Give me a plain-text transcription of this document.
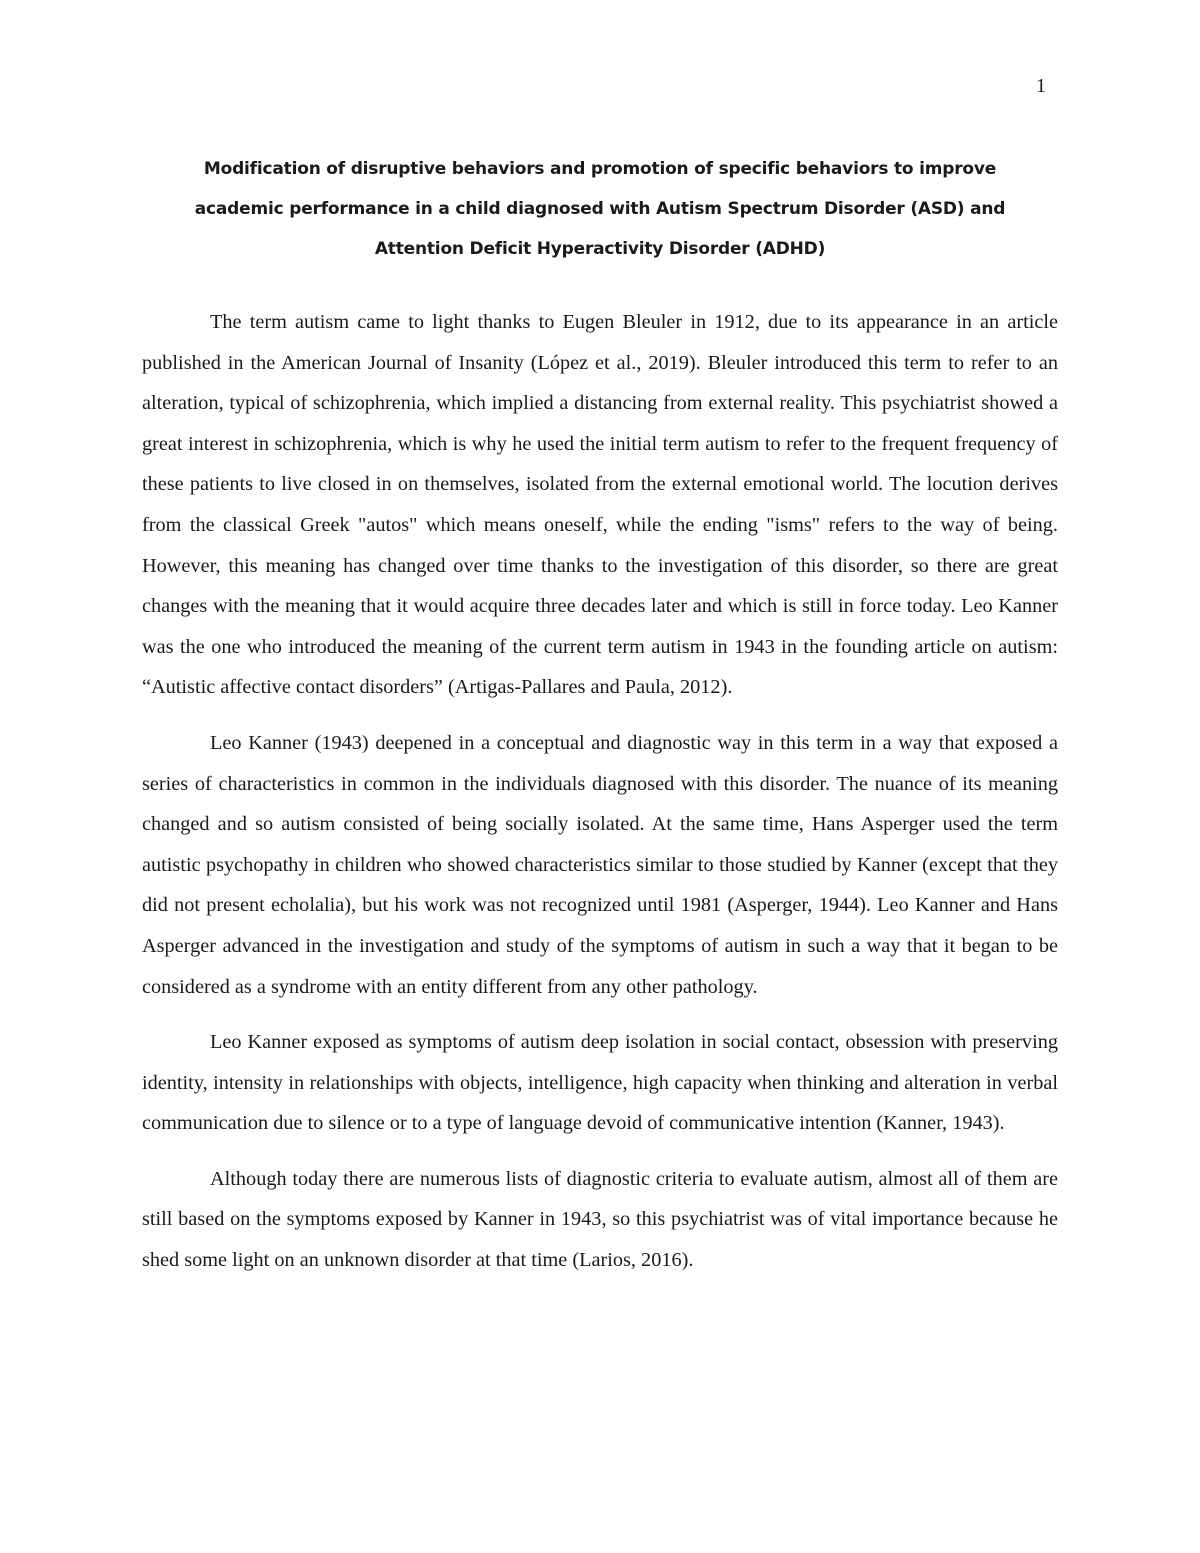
1
Modification of disruptive behaviors and promotion of specific behaviors to improve
academic performance in a child diagnosed with Autism Spectrum Disorder (ASD) and
Attention Deficit Hyperactivity Disorder (ADHD)

The term autism came to light thanks to Eugen Bleuler in 1912, due to its appearance in an article published in the American Journal of Insanity (López et al., 2019). Bleuler introduced this term to refer to an alteration, typical of schizophrenia, which implied a distancing from external reality. This psychiatrist showed a great interest in schizophrenia, which is why he used the initial term autism to refer to the frequent frequency of these patients to live closed in on themselves, isolated from the external emotional world. The locution derives from the classical Greek "autos" which means oneself, while the ending "isms" refers to the way of being. However, this meaning has changed over time thanks to the investigation of this disorder, so there are great changes with the meaning that it would acquire three decades later and which is still in force today. Leo Kanner was the one who introduced the meaning of the current term autism in 1943 in the founding article on autism: “Autistic affective contact disorders” (Artigas-Pallares and Paula, 2012).

Leo Kanner (1943) deepened in a conceptual and diagnostic way in this term in a way that exposed a series of characteristics in common in the individuals diagnosed with this disorder. The nuance of its meaning changed and so autism consisted of being socially isolated. At the same time, Hans Asperger used the term autistic psychopathy in children who showed characteristics similar to those studied by Kanner (except that they did not present echolalia), but his work was not recognized until 1981 (Asperger, 1944). Leo Kanner and Hans Asperger advanced in the investigation and study of the symptoms of autism in such a way that it began to be considered as a syndrome with an entity different from any other pathology.

Leo Kanner exposed as symptoms of autism deep isolation in social contact, obsession with preserving identity, intensity in relationships with objects, intelligence, high capacity when thinking and alteration in verbal communication due to silence or to a type of language devoid of communicative intention (Kanner, 1943).

Although today there are numerous lists of diagnostic criteria to evaluate autism, almost all of them are still based on the symptoms exposed by Kanner in 1943, so this psychiatrist was of vital importance because he shed some light on an unknown disorder at that time (Larios, 2016).
